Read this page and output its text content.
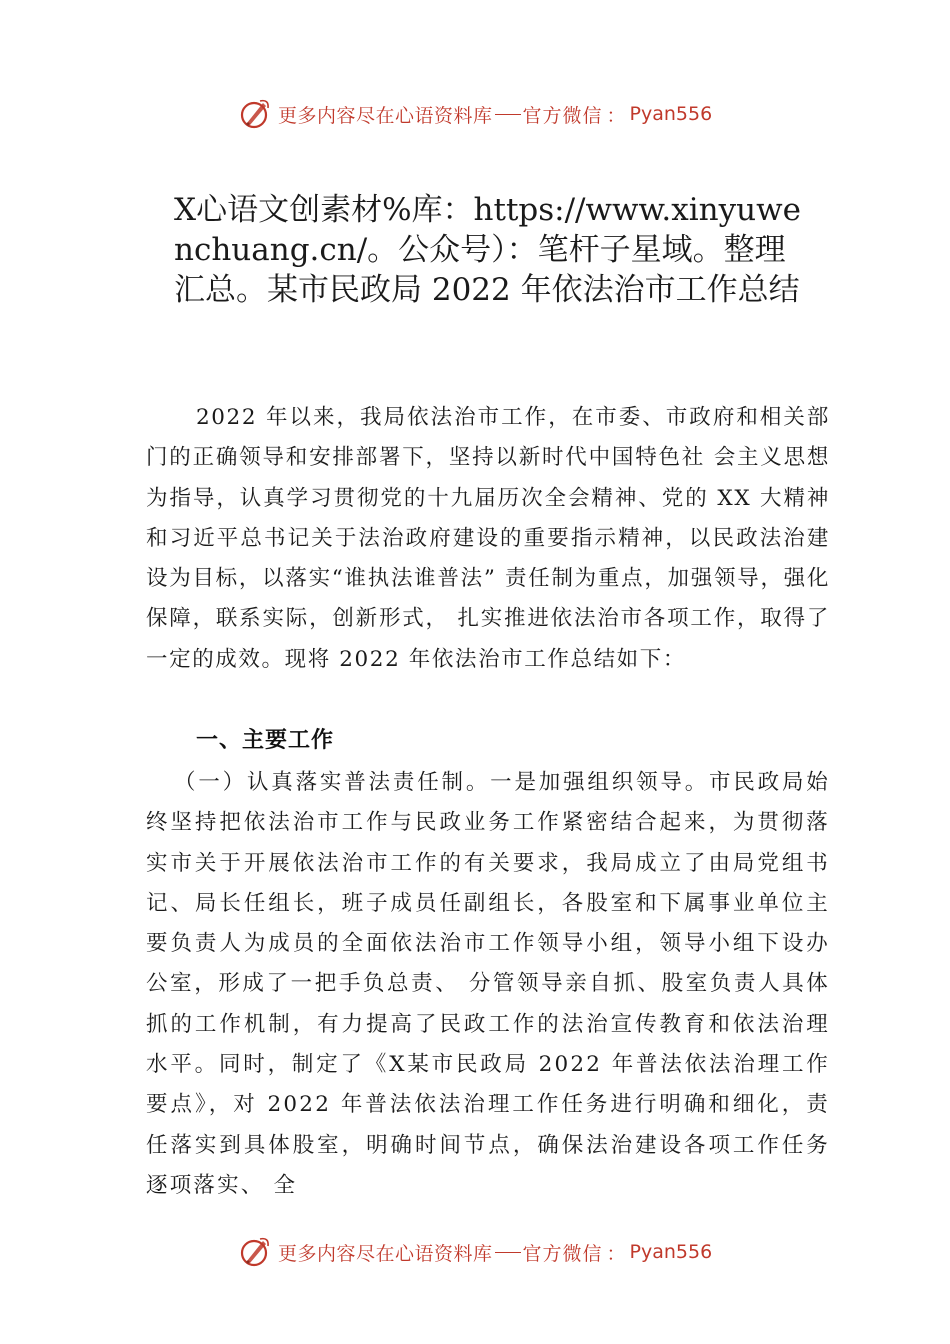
更多内容尽在心语资料库 官方微信 ： Pyan556
X心语文创素材%库：https://www.xinyuwenchuang.cn/。公众号）：笔杆子星域。整理汇总。某市民政局 2022 年依法治市工作总结

2022 年以来，我局依法治市工作，在市委、市政府和相关部门的正确领导和安排部署下，坚持以新时代中国特色社 会主义思想为指导，认真学习贯彻党的十九届历次全会精神、党的 XX 大精神和习近平总书记关于法治政府建设的重要指示精神，以民政法治建设为目标，以落实“谁执法谁普法” 责任制为重点，加强领导，强化保障，联系实际，创新形式， 扎实推进依法治市各项工作，取得了一定的成效。现将 2022 年依法治市工作总结如下：

一、主要工作

（一）认真落实普法责任制。一是加强组织领导。市民政局始终坚持把依法治市工作与民政业务工作紧密结合起来，为贯彻落实市关于开展依法治市工作的有关要求，我局成立了由局党组书记、局长任组长，班子成员任副组长，各股室和下属事业单位主要负责人为成员的全面依法治市工作领导小组，领导小组下设办公室，形成了一把手负总责、 分管领导亲自抓、股室负责人具体抓的工作机制，有力提高了民政工作的法治宣传教育和依法治理水平。同时，制定了《X某市民政局 2022 年普法依法治理工作要点》，对 2022 年普法依法治理工作任务进行明确和细化，责任落实到具体股室，明确时间节点，确保法治建设各项工作任务逐项落实、 全

更多内容尽在心语资料库 官方微信 ： Pyan556
